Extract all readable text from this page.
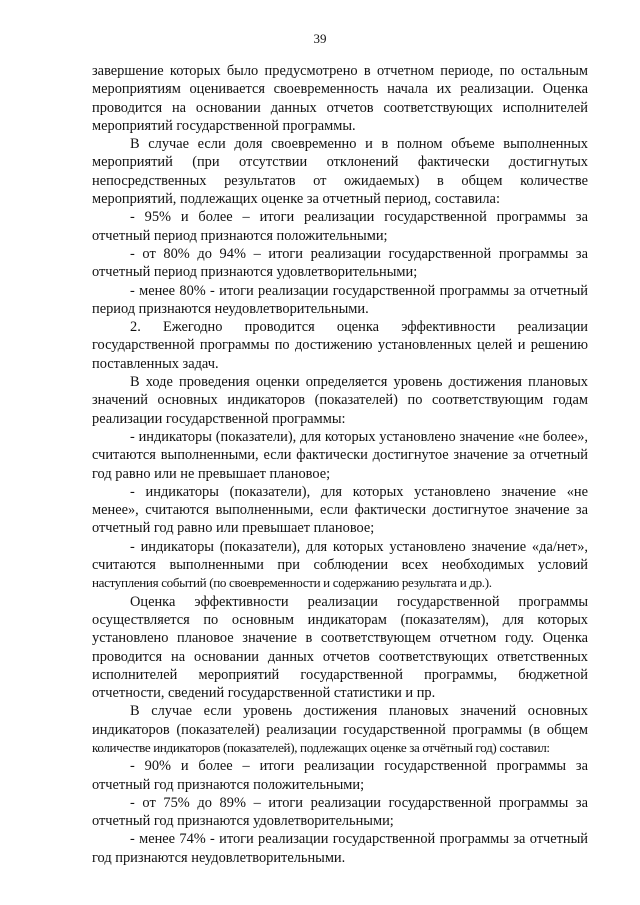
39

завершение которых было предусмотрено в отчетном периоде, по остальным мероприятиям оценивается своевременность начала их реализации. Оценка проводится на основании данных отчетов соответствующих исполнителей мероприятий государственной программы.

В случае если доля своевременно и в полном объеме выполненных мероприятий (при отсутствии отклонений фактически достигнутых непосредственных результатов от ожидаемых) в общем количестве мероприятий, подлежащих оценке за отчетный период, составила:

- 95% и более – итоги реализации государственной программы за отчетный период признаются положительными;

- от 80% до 94% – итоги реализации государственной программы за отчетный период признаются удовлетворительными;

- менее 80% - итоги реализации государственной программы за отчетный период признаются неудовлетворительными.

2. Ежегодно проводится оценка эффективности реализации государственной программы по достижению установленных целей и решению поставленных задач.

В ходе проведения оценки определяется уровень достижения плановых значений основных индикаторов (показателей) по соответствующим годам реализации государственной программы:

- индикаторы (показатели), для которых установлено значение «не более», считаются выполненными, если фактически достигнутое значение за отчетный год равно или не превышает плановое;

- индикаторы (показатели), для которых установлено значение «не менее», считаются выполненными, если фактически достигнутое значение за отчетный год равно или превышает плановое;

- индикаторы (показатели), для которых установлено значение «да/нет», считаются выполненными при соблюдении всех необходимых условий наступления событий (по своевременности и содержанию результата и др.).

Оценка эффективности реализации государственной программы осуществляется по основным индикаторам (показателям), для которых установлено плановое значение в соответствующем отчетном году. Оценка проводится на основании данных отчетов соответствующих ответственных исполнителей мероприятий государственной программы, бюджетной отчетности, сведений государственной статистики и пр.

В случае если уровень достижения плановых значений основных индикаторов (показателей) реализации государственной программы (в общем количестве индикаторов (показателей), подлежащих оценке за отчётный год) составил:

- 90% и более – итоги реализации государственной программы за отчетный год признаются положительными;

- от 75% до 89% – итоги реализации государственной программы за отчетный год признаются удовлетворительными;

- менее 74% - итоги реализации государственной программы за отчетный год признаются неудовлетворительными.
